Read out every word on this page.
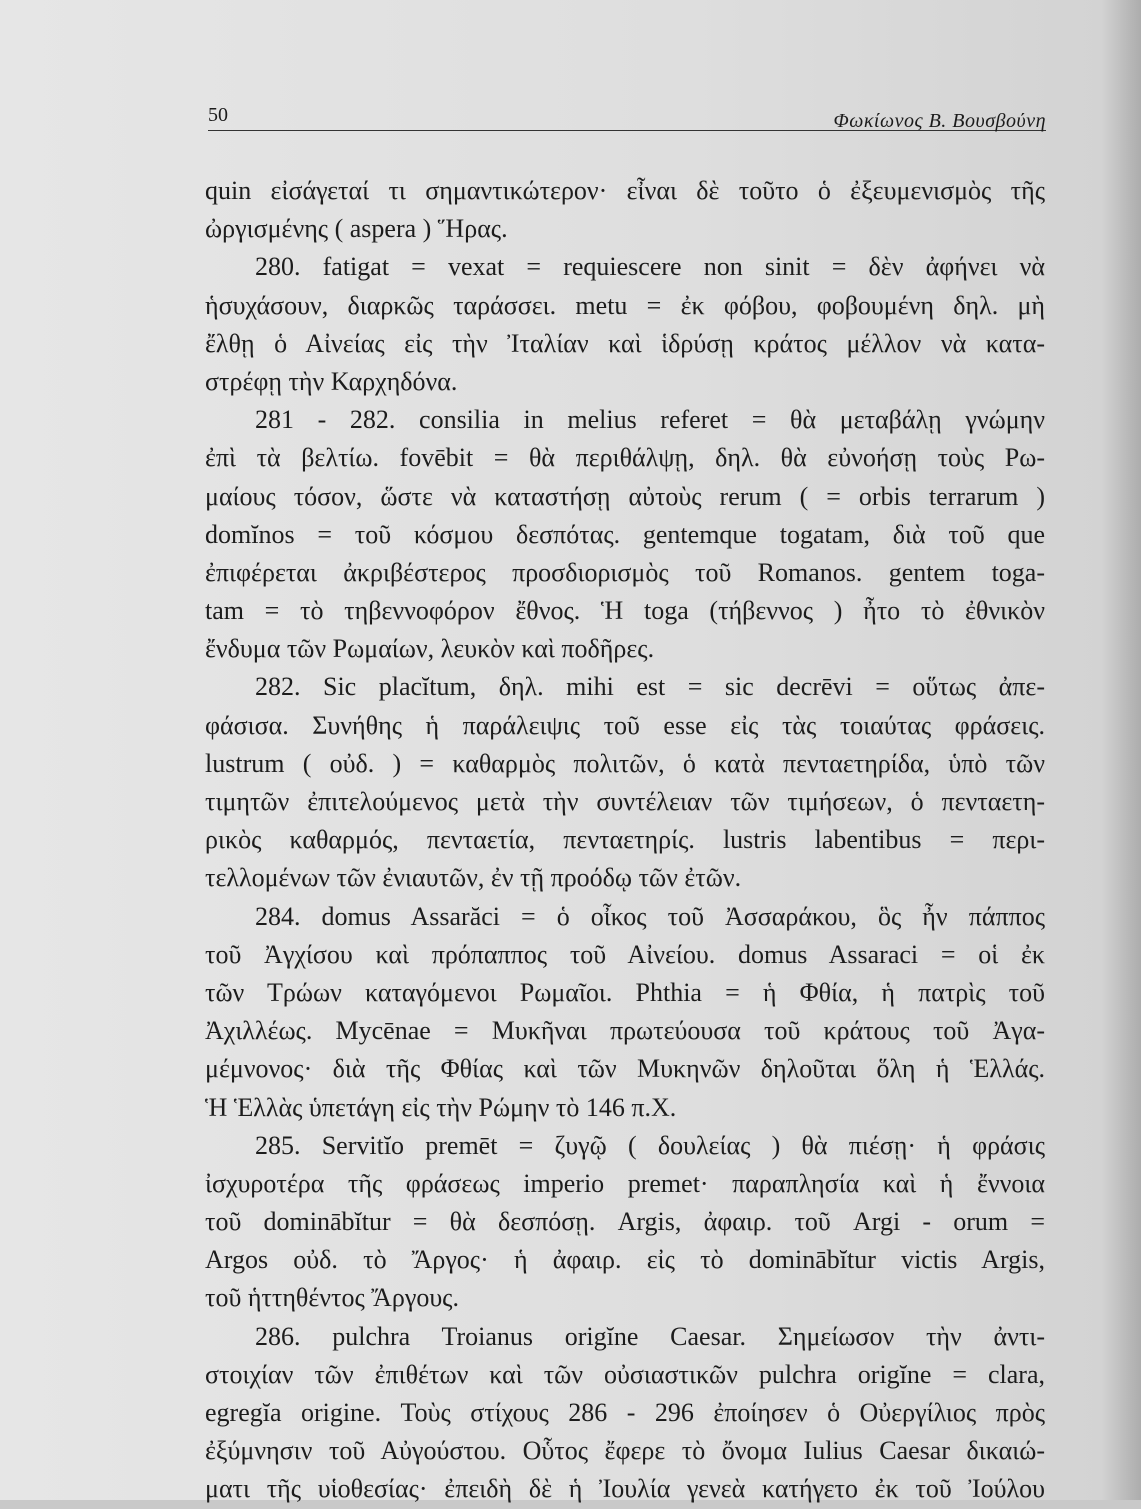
50	Φωκίωνος Β. Βουσβούνη
quin εἰσάγεταί τι σημαντικώτερον· εἶναι δὲ τοῦτο ὁ ἐξευμενισμὸς τῆς
ὠργισμένης ( aspera ) Ἥρας.
280. fatigat = vexat = requiescere non sinit = δὲν ἀφήνει νὰ
ἡσυχάσουν, διαρκῶς ταράσσει. metu = ἐκ φόβου, φοβουμένη δηλ. μὴ
ἔλθῃ ὁ Αἰνείας εἰς τὴν Ἰταλίαν καὶ ἱδρύσῃ κράτος μέλλον νὰ κατα-
στρέφῃ τὴν Καρχηδόνα.
281 - 282. consilia in melius referet = θὰ μεταβάλῃ γνώμην
ἐπὶ τὰ βελτίω. fovēbit = θὰ περιθάλψῃ, δηλ. θὰ εὐνοήσῃ τοὺς Ρω-
μαίους τόσον, ὥστε νὰ καταστήσῃ αὐτοὺς rerum ( = orbis terrarum )
domĭnos = τοῦ κόσμου δεσπότας. gentemque togatam, διὰ τοῦ que
ἐπιφέρεται ἀκριβέστερος προσδιορισμὸς τοῦ Romanos. gentem toga-
tam = τὸ τηβεννοφόρον ἔθνος. Ἡ toga (τήβεννος ) ἦτο τὸ ἐθνικὸν
ἔνδυμα τῶν Ρωμαίων, λευκὸν καὶ ποδῆρες.
282. Sic placĭtum, δηλ. mihi est = sic decrēvi = οὕτως ἀπε-
φάσισα. Συνήθης ἡ παράλειψις τοῦ esse εἰς τὰς τοιαύτας φράσεις.
lustrum ( οὐδ. ) = καθαρμὸς πολιτῶν, ὁ κατὰ πενταετηρίδα, ὑπὸ τῶν
τιμητῶν ἐπιτελούμενος μετὰ τὴν συντέλειαν τῶν τιμήσεων, ὁ πενταετη-
ρικὸς καθαρμός, πενταετία, πενταετηρίς. lustris labentibus = περι-
τελλομένων τῶν ἐνιαυτῶν, ἐν τῇ προόδῳ τῶν ἐτῶν.
284. domus Assarăci = ὁ οἶκος τοῦ Ἀσσαράκου, ὃς ἦν πάππος
τοῦ Ἀγχίσου καὶ πρόπαππος τοῦ Αἰνείου. domus Assaraci = οἱ ἐκ
τῶν Τρώων καταγόμενοι Ρωμαῖοι. Phthia = ἡ Φθία, ἡ πατρὶς τοῦ
Ἀχιλλέως. Mycēnae = Μυκῆναι πρωτεύουσα τοῦ κράτους τοῦ Ἀγα-
μέμνονος· διὰ τῆς Φθίας καὶ τῶν Μυκηνῶν δηλοῦται ὅλη ἡ Ἑλλάς.
Ἡ Ἑλλὰς ὑπετάγη εἰς τὴν Ρώμην τὸ 146 π.Χ.
285. Servitĭo premēt = ζυγῷ ( δουλείας ) θὰ πιέσῃ· ἡ φράσις
ἰσχυροτέρα τῆς φράσεως imperio premet· παραπλησία καὶ ἡ ἔννοια
τοῦ dominābĭtur = θὰ δεσπόσῃ. Argis, ἀφαιρ. τοῦ Argi - orum =
Argos οὐδ. τὸ Ἄργος· ἡ ἀφαιρ. εἰς τὸ dominābĭtur victis Argis,
τοῦ ἡττηθέντος Ἄργους.
286. pulchra Troianus origĭne Caesar. Σημείωσον τὴν ἀντι-
στοιχίαν τῶν ἐπιθέτων καὶ τῶν οὐσιαστικῶν pulchra origĭne = clara,
egregĭa origine. Τοὺς στίχους 286 - 296 ἐποίησεν ὁ Οὐεργίλιος πρὸς
ἐξύμνησιν τοῦ Αὐγούστου. Οὗτος ἔφερε τὸ ὄνομα Iulius Caesar δικαιώ-
ματι τῆς υἱοθεσίας· ἐπειδὴ δὲ ἡ Ἰουλία γενεὰ κατήγετο ἐκ τοῦ Ἰούλου
